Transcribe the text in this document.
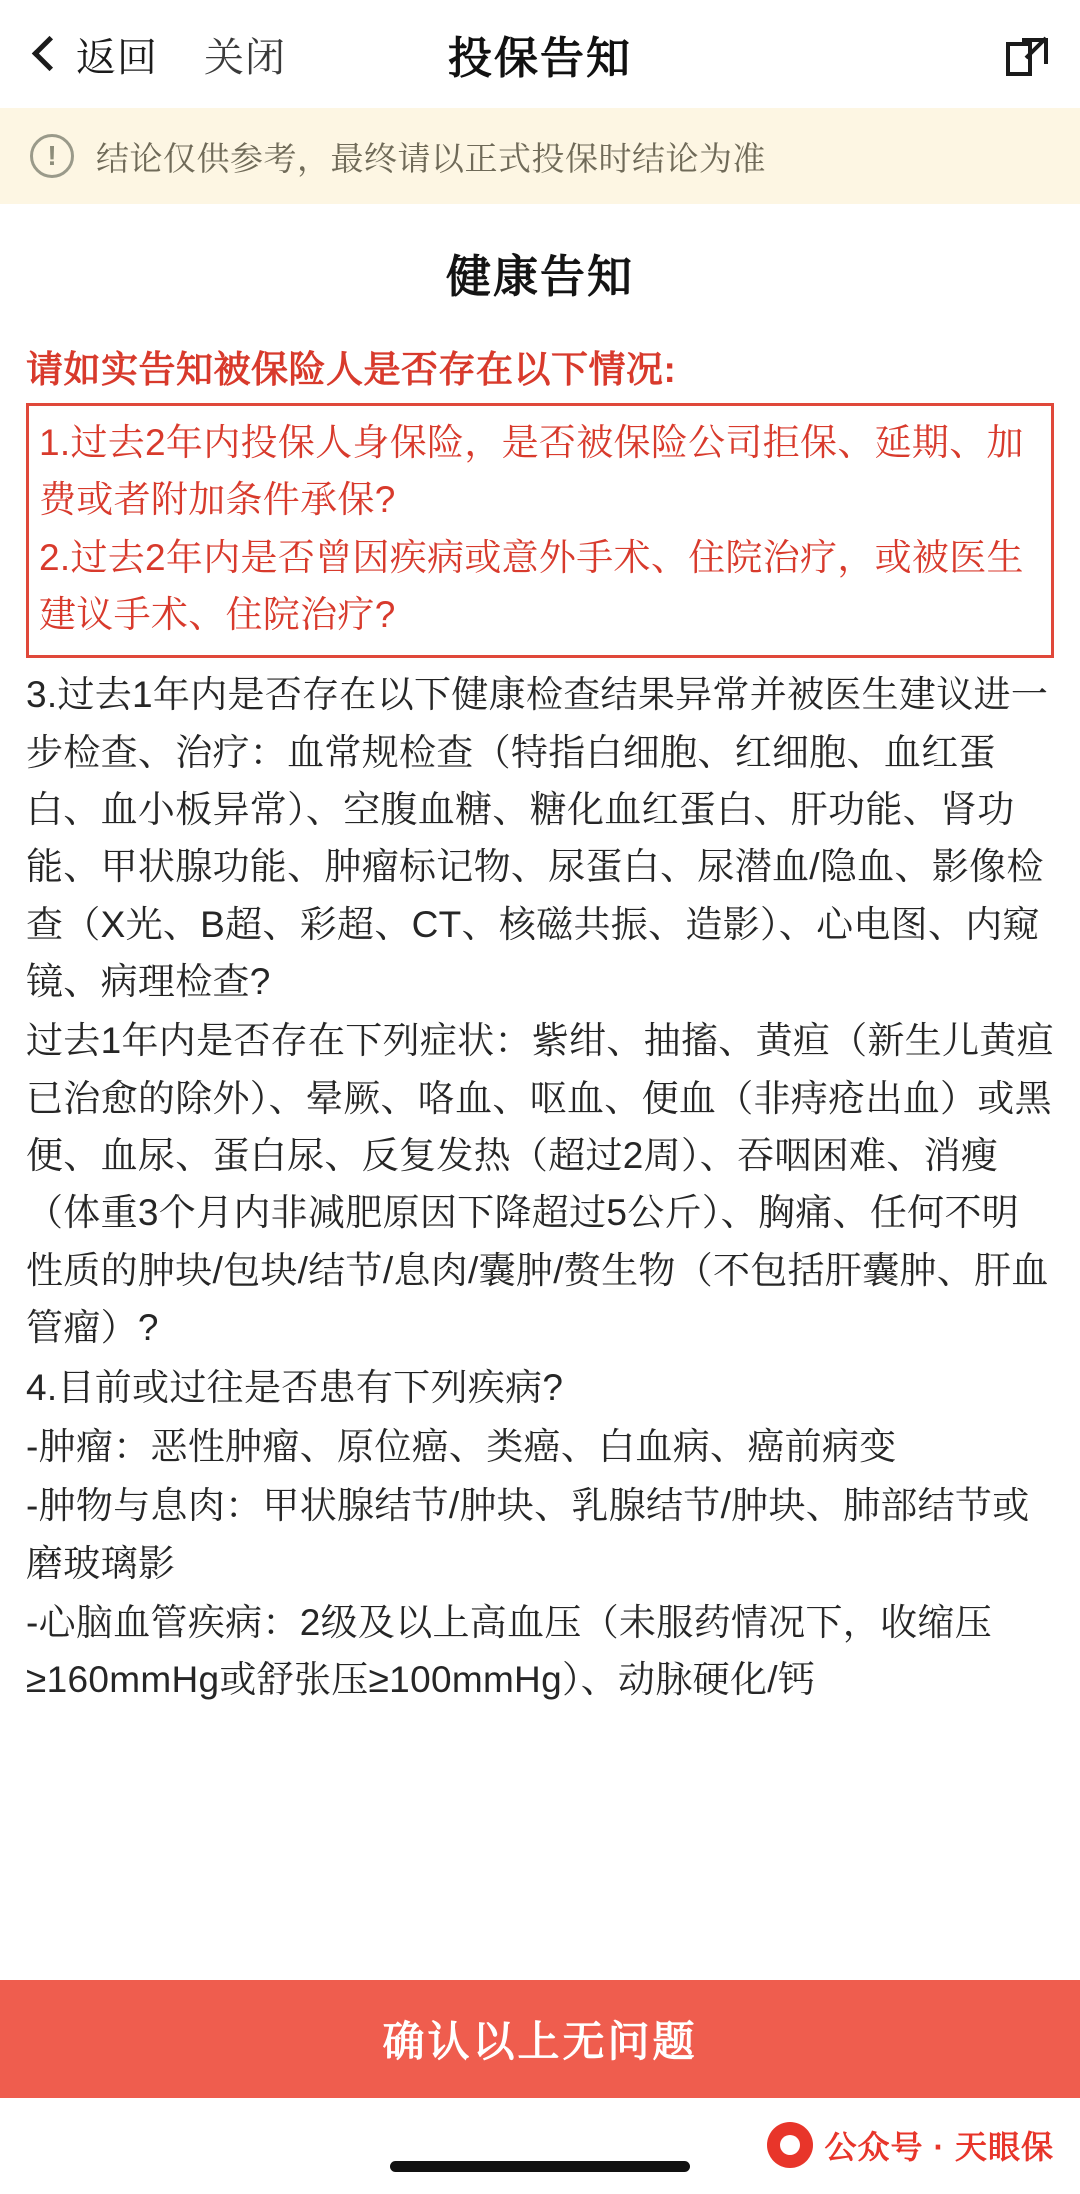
返回 关闭	投保告知
!	结论仅供参考，最终请以正式投保时结论为准
健康告知
请如实告知被保险人是否存在以下情况:

1.过去2年内投保人身保险，是否被保险公司拒保、延期、加费或者附加条件承保?

2.过去2年内是否曾因疾病或意外手术、住院治疗，或被医生建议手术、住院治疗?

3.过去1年内是否存在以下健康检查结果异常并被医生建议进一步检查、治疗：血常规检查（特指白细胞、红细胞、血红蛋白、血小板异常）、空腹血糖、糖化血红蛋白、肝功能、肾功能、甲状腺功能、肿瘤标记物、尿蛋白、尿潜血/隐血、影像检查（X光、B超、彩超、CT、核磁共振、造影）、心电图、内窥镜、病理检查?

过去1年内是否存在下列症状：紫绀、抽搐、黄疸（新生儿黄疸已治愈的除外）、晕厥、咯血、呕血、便血（非痔疮出血）或黑便、血尿、蛋白尿、反复发热（超过2周）、吞咽困难、消瘦（体重3个月内非减肥原因下降超过5公斤）、胸痛、任何不明性质的肿块/包块/结节/息肉/囊肿/赘生物（不包括肝囊肿、肝血管瘤）?

4.目前或过往是否患有下列疾病?

-肿瘤：恶性肿瘤、原位癌、类癌、白血病、癌前病变

-肿物与息肉：甲状腺结节/肿块、乳腺结节/肿块、肺部结节或磨玻璃影

-心脑血管疾病：2级及以上高血压（未服药情况下，收缩压≥160mmHg或舒张压≥100mmHg）、动脉硬化/钙

确认以上无问题
公众号 · 天眼保
